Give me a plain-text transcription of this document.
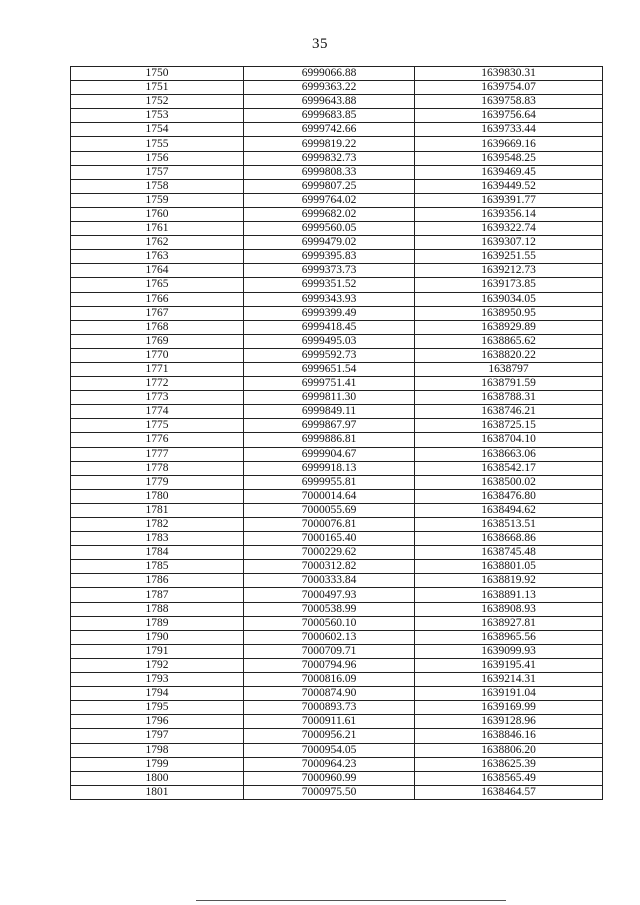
35
1750	6999066.88	1639830.31
1751	6999363.22	1639754.07
1752	6999643.88	1639758.83
1753	6999683.85	1639756.64
1754	6999742.66	1639733.44
1755	6999819.22	1639669.16
1756	6999832.73	1639548.25
1757	6999808.33	1639469.45
1758	6999807.25	1639449.52
1759	6999764.02	1639391.77
1760	6999682.02	1639356.14
1761	6999560.05	1639322.74
1762	6999479.02	1639307.12
1763	6999395.83	1639251.55
1764	6999373.73	1639212.73
1765	6999351.52	1639173.85
1766	6999343.93	1639034.05
1767	6999399.49	1638950.95
1768	6999418.45	1638929.89
1769	6999495.03	1638865.62
1770	6999592.73	1638820.22
1771	6999651.54	1638797
1772	6999751.41	1638791.59
1773	6999811.30	1638788.31
1774	6999849.11	1638746.21
1775	6999867.97	1638725.15
1776	6999886.81	1638704.10
1777	6999904.67	1638663.06
1778	6999918.13	1638542.17
1779	6999955.81	1638500.02
1780	7000014.64	1638476.80
1781	7000055.69	1638494.62
1782	7000076.81	1638513.51
1783	7000165.40	1638668.86
1784	7000229.62	1638745.48
1785	7000312.82	1638801.05
1786	7000333.84	1638819.92
1787	7000497.93	1638891.13
1788	7000538.99	1638908.93
1789	7000560.10	1638927.81
1790	7000602.13	1638965.56
1791	7000709.71	1639099.93
1792	7000794.96	1639195.41
1793	7000816.09	1639214.31
1794	7000874.90	1639191.04
1795	7000893.73	1639169.99
1796	7000911.61	1639128.96
1797	7000956.21	1638846.16
1798	7000954.05	1638806.20
1799	7000964.23	1638625.39
1800	7000960.99	1638565.49
1801	7000975.50	1638464.57
